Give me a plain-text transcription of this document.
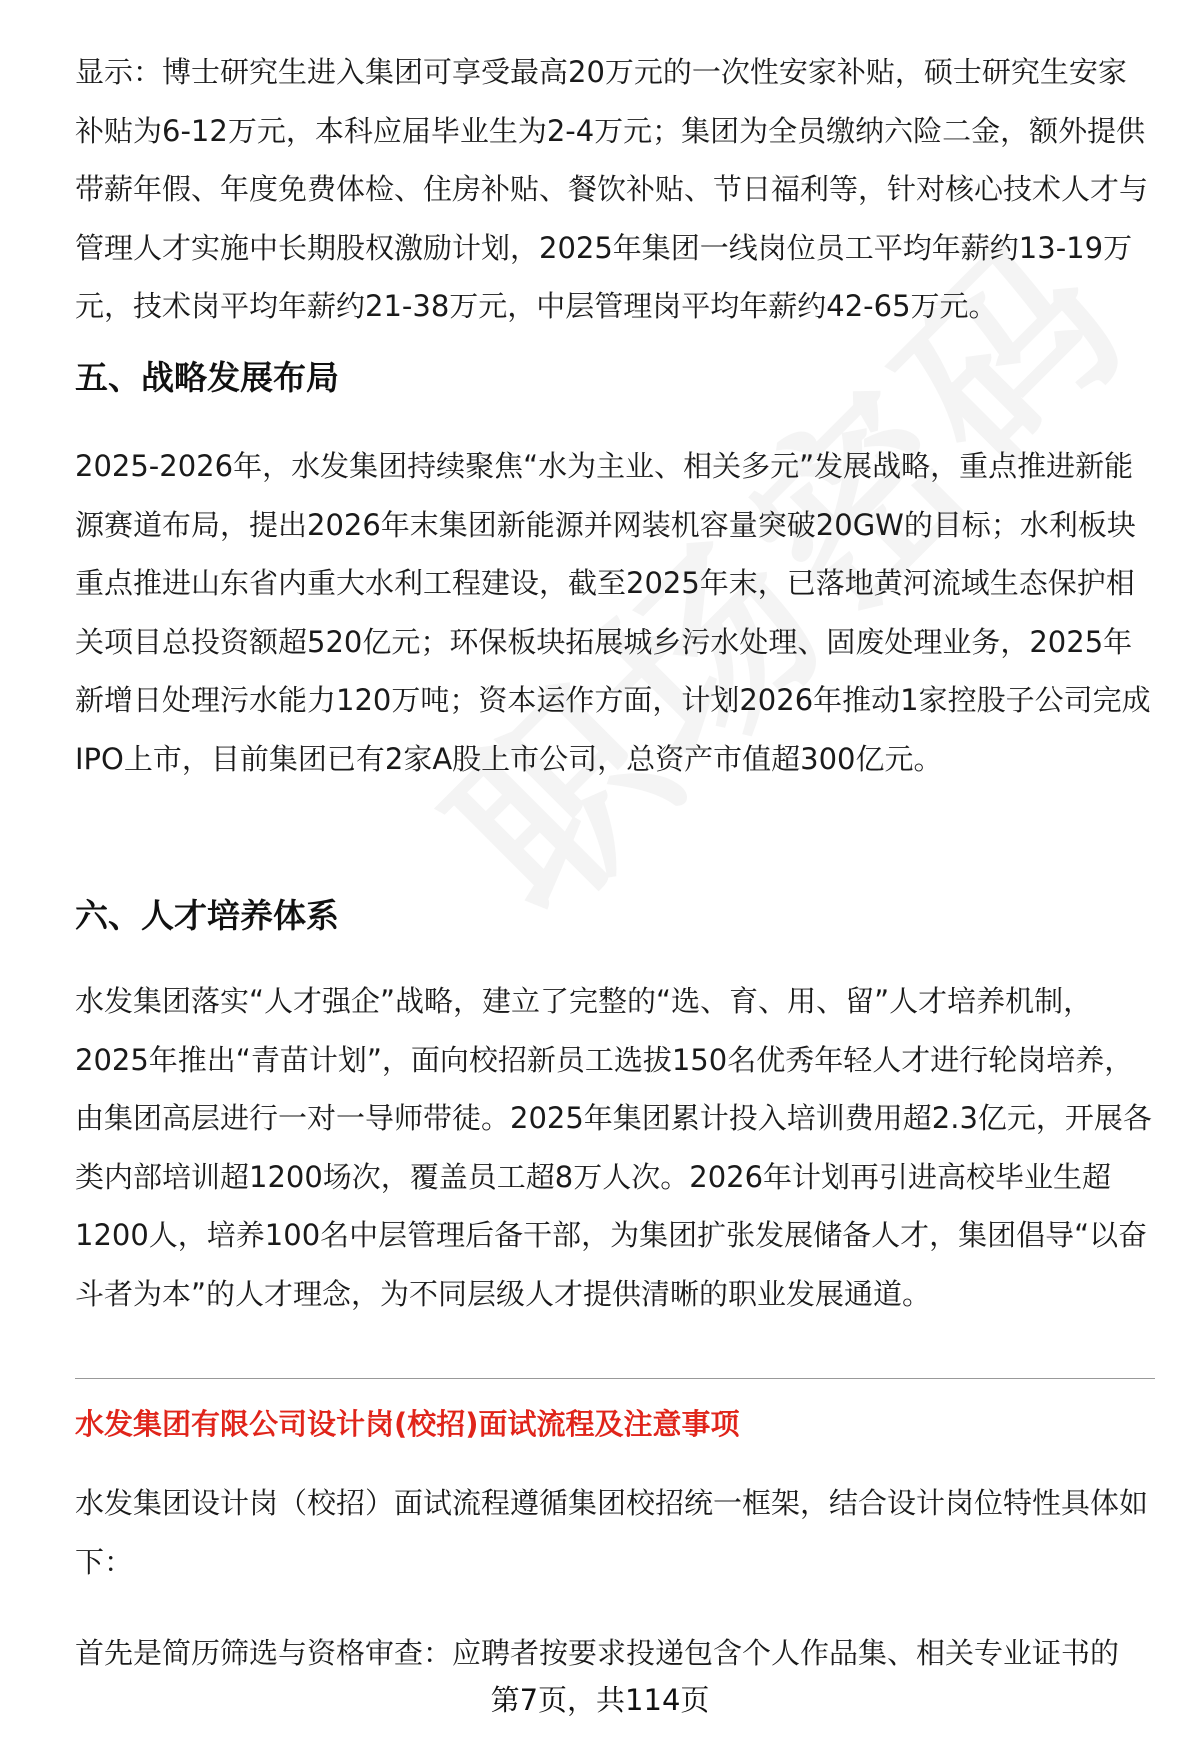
显示：博士研究生进入集团可享受最高20万元的一次性安家补贴，硕士研究生安家补贴为6-12万元，本科应届毕业生为2-4万元；集团为全员缴纳六险二金，额外提供带薪年假、年度免费体检、住房补贴、餐饮补贴、节日福利等，针对核心技术人才与管理人才实施中长期股权激励计划，2025年集团一线岗位员工平均年薪约13-19万元，技术岗平均年薪约21-38万元，中层管理岗平均年薪约42-65万元。

五、战略发展布局

2025-2026年，水发集团持续聚焦“水为主业、相关多元”发展战略，重点推进新能源赛道布局，提出2026年末集团新能源并网装机容量突破20GW的目标；水利板块重点推进山东省内重大水利工程建设，截至2025年末，已落地黄河流域生态保护相关项目总投资额超520亿元；环保板块拓展城乡污水处理、固废处理业务，2025年新增日处理污水能力120万吨；资本运作方面，计划2026年推动1家控股子公司完成IPO上市，目前集团已有2家A股上市公司，总资产市值超300亿元。

六、人才培养体系

水发集团落实“人才强企”战略，建立了完整的“选、育、用、留”人才培养机制，2025年推出“青苗计划”，面向校招新员工选拔150名优秀年轻人才进行轮岗培养，由集团高层进行一对一导师带徒。2025年集团累计投入培训费用超2.3亿元，开展各类内部培训超1200场次，覆盖员工超8万人次。2026年计划再引进高校毕业生超1200人，培养100名中层管理后备干部，为集团扩张发展储备人才，集团倡导“以奋斗者为本”的人才理念，为不同层级人才提供清晰的职业发展通道。

水发集团有限公司设计岗(校招)面试流程及注意事项

水发集团设计岗（校招）面试流程遵循集团校招统一框架，结合设计岗位特性具体如下：

首先是简历筛选与资格审查：应聘者按要求投递包含个人作品集、相关专业证书的

第7页，共114页
